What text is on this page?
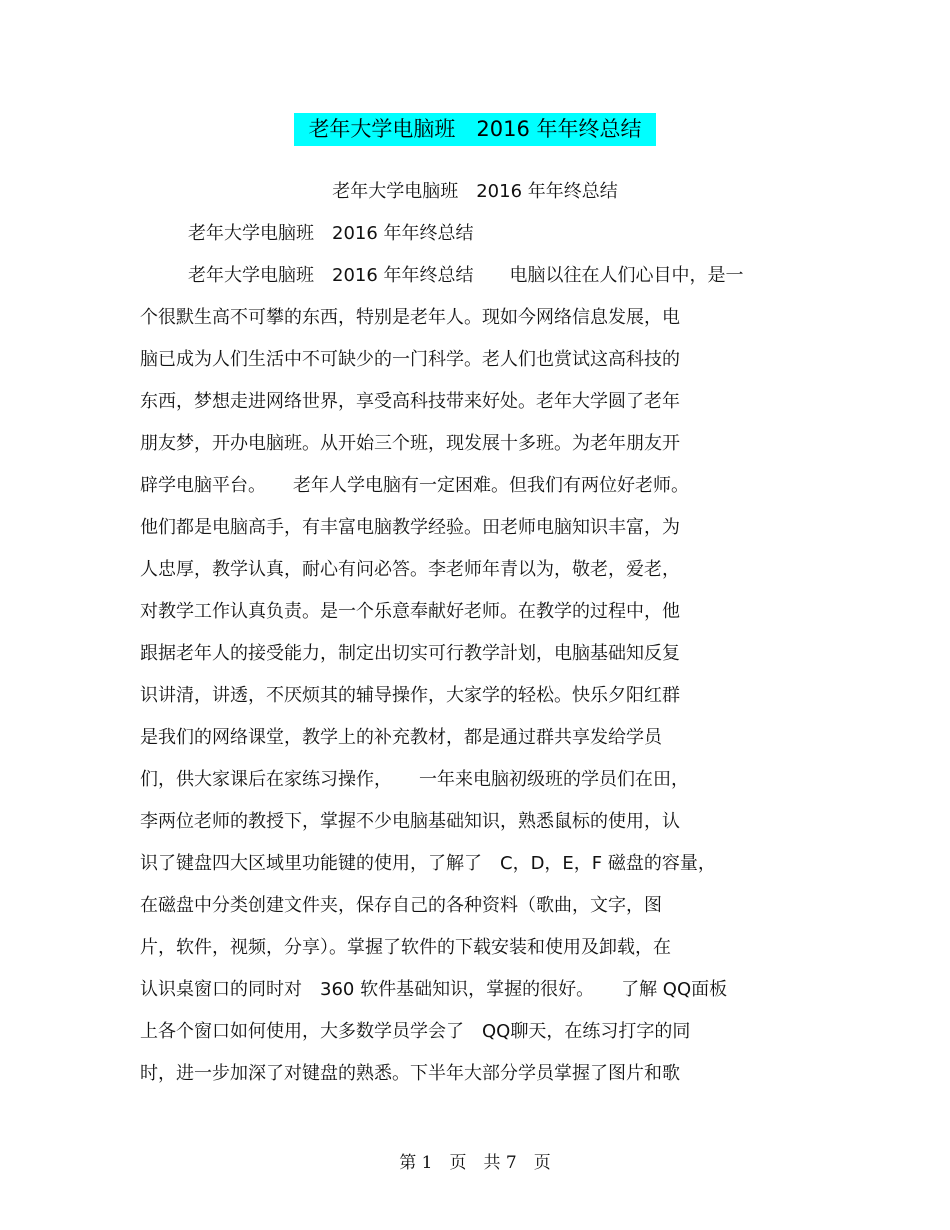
老年大学电脑班　2016 年年终总结
老年大学电脑班　2016 年年终总结
老年大学电脑班　2016 年年终总结
老年大学电脑班　2016 年年终总结　　电脑以往在人们心目中，是一
个很默生高不可攀的东西，特别是老年人。现如今网络信息发展，电
脑已成为人们生活中不可缺少的一门科学。老人们也赏试这高科技的
东西，梦想走进网络世界，享受高科技带来好处。老年大学圆了老年
朋友梦，开办电脑班。从开始三个班，现发展十多班。为老年朋友开
辟学电脑平台。　　老年人学电脑有一定困难。但我们有两位好老师。
他们都是电脑高手，有丰富电脑教学经验。田老师电脑知识丰富，为
人忠厚，教学认真，耐心有问必答。李老师年青以为，敬老，爱老，
对教学工作认真负责。是一个乐意奉献好老师。在教学的过程中，他
跟据老年人的接受能力，制定出切实可行教学計划，电脑基础知反复
识讲清，讲透，不厌烦其的辅导操作，大家学的轻松。快乐夕阳红群
是我们的网络课堂，教学上的补充教材，都是通过群共享发给学员
们，供大家课后在家练习操作，　　一年来电脑初级班的学员们在田，
李两位老师的教授下，掌握不少电脑基础知识，熟悉鼠标的使用，认
识了键盘四大区域里功能键的使用，了解了　C，D，E，F 磁盘的容量，
在磁盘中分类创建文件夹，保存自己的各种资料（歌曲，文字，图
片，软件，视频，分享）。掌握了软件的下载安装和使用及卸载，在
认识桌窗口的同时对　360 软件基础知识，掌握的很好。　　了解 QQ面板
上各个窗口如何使用，大多数学员学会了　QQ聊天，在练习打字的同
时，进一步加深了对键盘的熟悉。下半年大部分学员掌握了图片和歌
第 1　页　共 7　页
